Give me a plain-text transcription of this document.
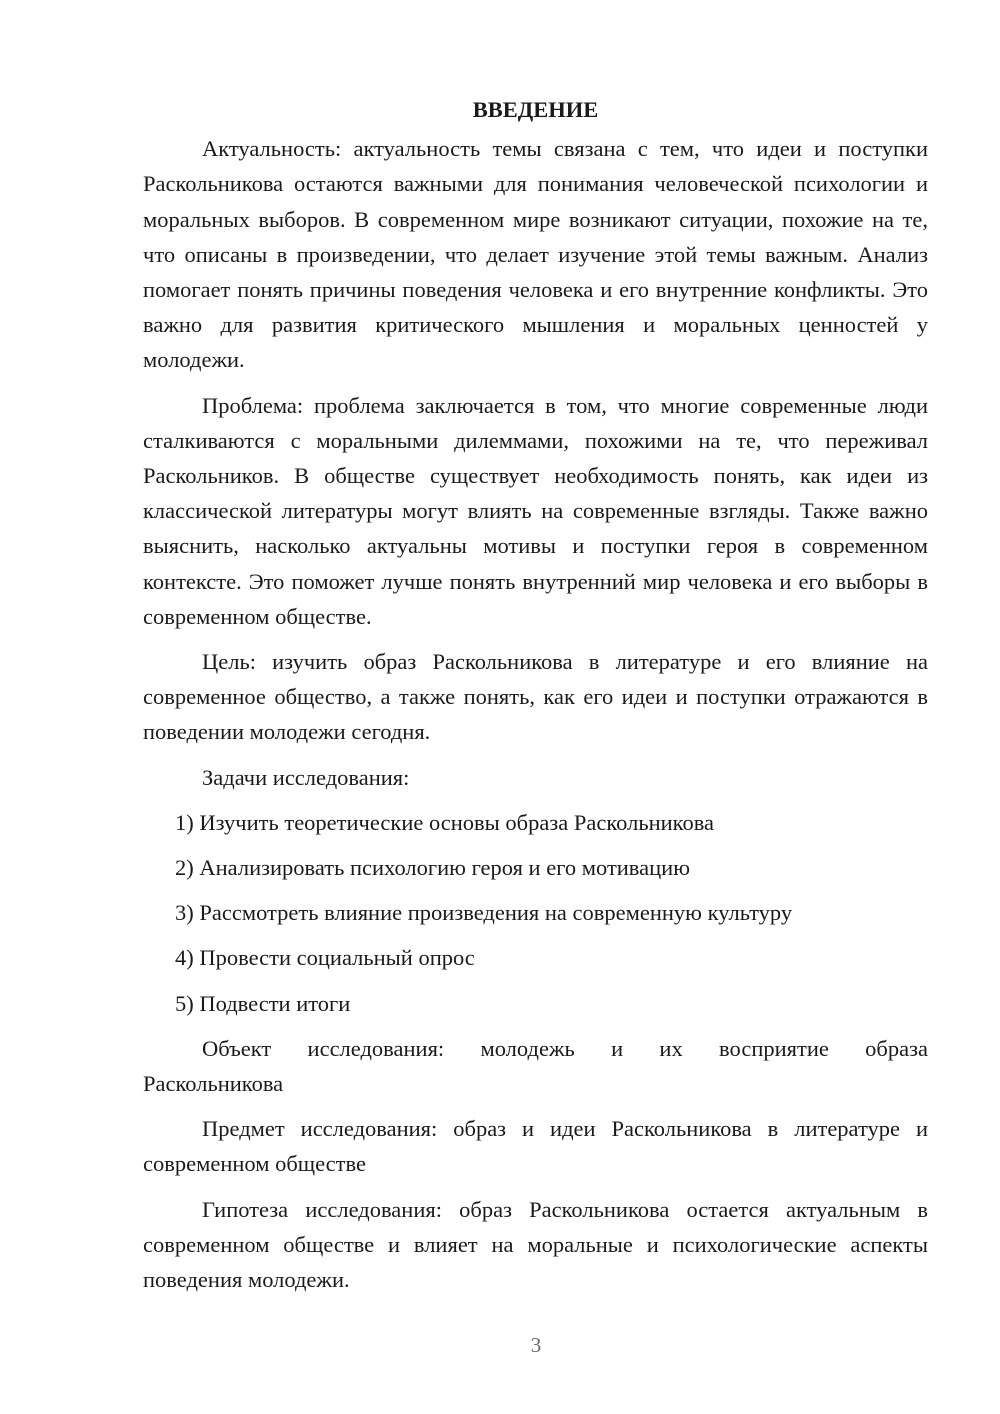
ВВЕДЕНИЕ

Актуальность: актуальность темы связана с тем, что идеи и поступки Раскольникова остаются важными для понимания человеческой психологии и моральных выборов. В современном мире возникают ситуации, похожие на те, что описаны в произведении, что делает изучение этой темы важным. Анализ помогает понять причины поведения человека и его внутренние конфликты. Это важно для развития критического мышления и моральных ценностей у молодежи.

Проблема: проблема заключается в том, что многие современные люди сталкиваются с моральными дилеммами, похожими на те, что переживал Раскольников. В обществе существует необходимость понять, как идеи из классической литературы могут влиять на современные взгляды. Также важно выяснить, насколько актуальны мотивы и поступки героя в современном контексте. Это поможет лучше понять внутренний мир человека и его выборы в современном обществе.

Цель: изучить образ Раскольникова в литературе и его влияние на современное общество, а также понять, как его идеи и поступки отражаются в поведении молодежи сегодня.

Задачи исследования:

1) Изучить теоретические основы образа Раскольникова

2) Анализировать психологию героя и его мотивацию

3) Рассмотреть влияние произведения на современную культуру

4) Провести социальный опрос

5) Подвести итоги

Объект исследования: молодежь и их восприятие образа

Раскольникова

Предмет исследования: образ и идеи Раскольникова в литературе и современном обществе

Гипотеза исследования: образ Раскольникова остается актуальным в современном обществе и влияет на моральные и психологические аспекты поведения молодежи.

3
